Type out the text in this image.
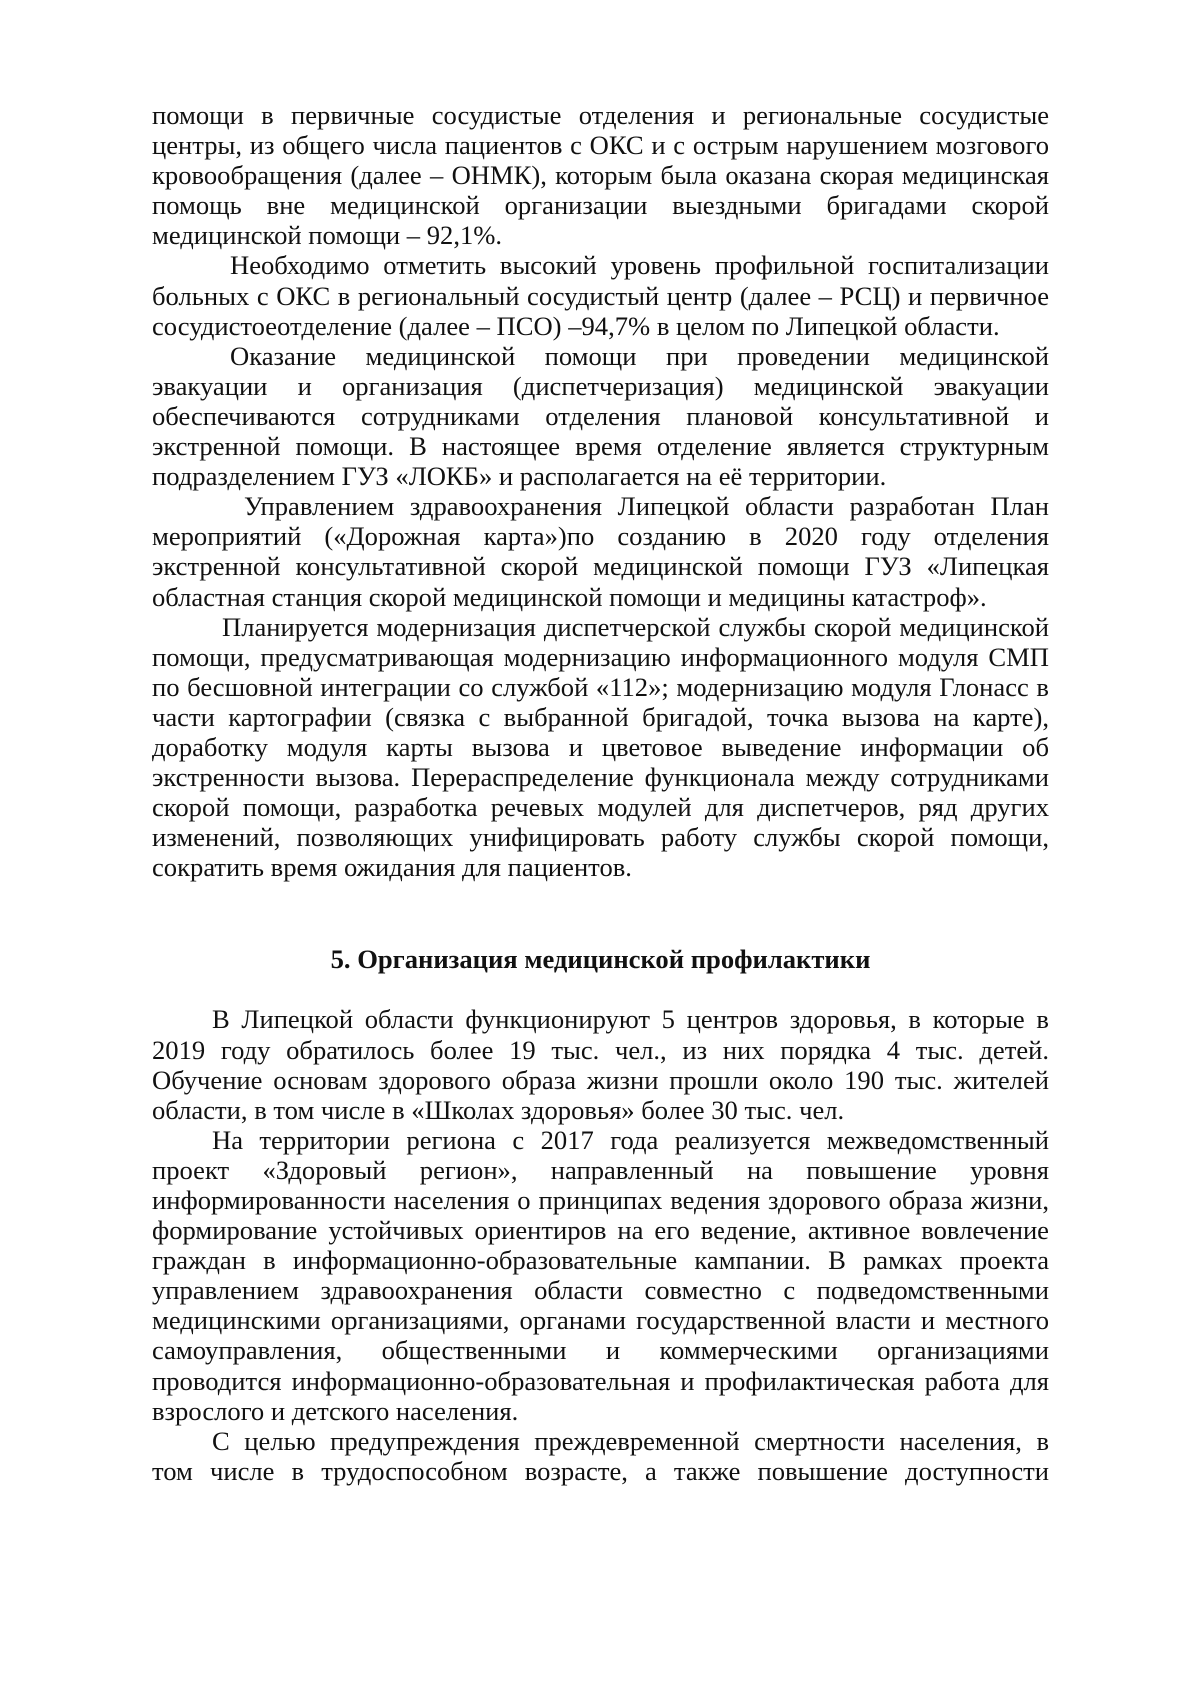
помощи в первичные сосудистые отделения и региональные сосудистые центры, из общего числа пациентов с ОКС и с острым нарушением мозгового кровообращения (далее – ОНМК), которым была оказана скорая медицинская помощь вне медицинской организации выездными бригадами скорой медицинской помощи – 92,1%.

Необходимо отметить высокий уровень профильной госпитализации больных с ОКС в региональный сосудистый центр (далее – РСЦ) и первичное сосудистоеотделение (далее – ПСО) –94,7% в целом по Липецкой области.

Оказание медицинской помощи при проведении медицинской эвакуации и организация (диспетчеризация) медицинской эвакуации обеспечиваются сотрудниками отделения плановой консультативной и экстренной помощи. В настоящее время отделение является структурным подразделением ГУЗ «ЛОКБ» и располагается на её территории.

Управлением здравоохранения Липецкой области разработан План мероприятий («Дорожная карта»)по созданию в 2020 году отделения экстренной консультативной скорой медицинской помощи ГУЗ «Липецкая областная станция скорой медицинской помощи и медицины катастроф».

Планируется модернизация диспетчерской службы скорой медицинской помощи, предусматривающая модернизацию информационного модуля СМП по бесшовной интеграции со службой «112»; модернизацию модуля Глонасс в части картографии (связка с выбранной бригадой, точка вызова на карте), доработку модуля карты вызова и цветовое выведение информации об экстренности вызова. Перераспределение функционала между сотрудниками скорой помощи, разработка речевых модулей для диспетчеров, ряд других изменений, позволяющих унифицировать работу службы скорой помощи, сократить время ожидания для пациентов.

5. Организация медицинской профилактики

В Липецкой области функционируют 5 центров здоровья, в которые в 2019 году обратилось более 19 тыс. чел., из них порядка 4 тыс. детей. Обучение основам здорового образа жизни прошли около 190 тыс. жителей области, в том числе в «Школах здоровья» более 30 тыс. чел.

На территории региона с 2017 года реализуется межведомственный проект «Здоровый регион», направленный на повышение уровня информированности населения о принципах ведения здорового образа жизни, формирование устойчивых ориентиров на его ведение, активное вовлечение граждан в информационно-образовательные кампании. В рамках проекта управлением здравоохранения области совместно с подведомственными медицинскими организациями, органами государственной власти и местного самоуправления, общественными и коммерческими организациями проводится информационно-образовательная и профилактическая работа для взрослого и детского населения.

С целью предупреждения преждевременной смертности населения, в том числе в трудоспособном возрасте, а также повышение доступности
